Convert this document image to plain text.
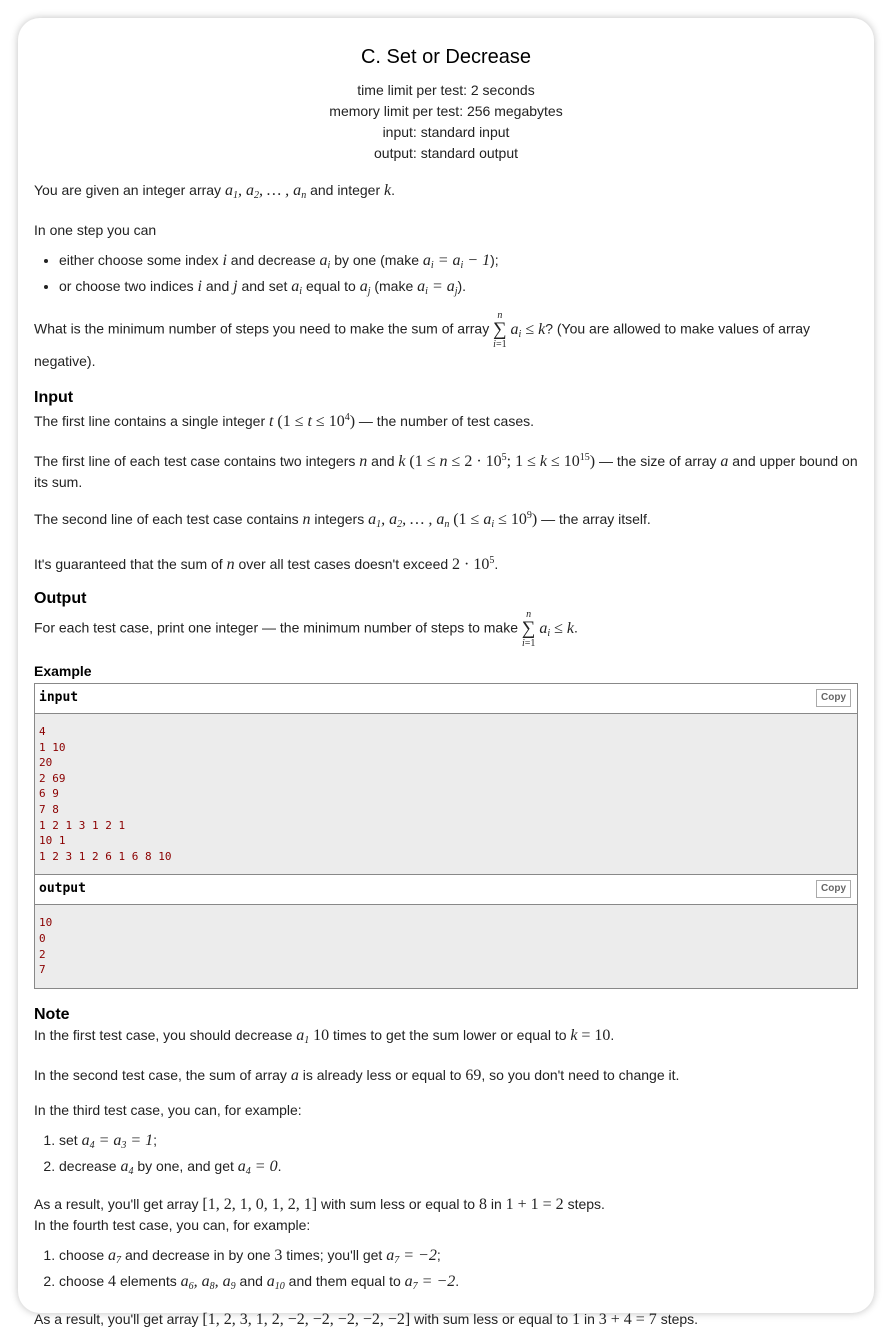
C. Set or Decrease
time limit per test: 2 seconds
memory limit per test: 256 megabytes
input: standard input
output: standard output

You are given an integer array $a_1$, $a_2$, … , $a_n$ and integer k.

In one step you can

• either choose some index i and decrease $a_i$ by one (make $a_i = a_i - 1$);
• or choose two indices i and j and set $a_i$ equal to $a_j$ (make $a_i = a_j$).

What is the minimum number of steps you need to make the sum of array
n
∑
i=1
$a_i \le k$? (You are allowed to make values of array negative).

Input

The first line contains a single integer t $(1 \le t \le 10^4)$ — the number of test cases.

The first line of each test case contains two integers n and k ($1 \le n \le 2 \cdot 10^5$; $1 \le k \le 10^{15}$) — the size of array a and upper bound on its sum.

The second line of each test case contains n integers $a_1$, $a_2$, … , $a_n$ $(1 \le a_i \le 10^9)$ — the array itself.

It's guaranteed that the sum of n over all test cases doesn't exceed $2 \cdot 10^5$.

Output

For each test case, print one integer — the minimum number of steps to make
n
∑
i=1
$a_i \le k$.

Example
input	Copy
4
1 10
20
2 69
6 9
7 8
1 2 1 3 1 2 1
10 1
1 2 3 1 2 6 1 6 8 10
output	Copy
10
0
2
7
Note

In the first test case, you should decrease $a_1$ 10 times to get the sum lower or equal to k = 10.

In the second test case, the sum of array a is already less or equal to 69, so you don't need to change it.

In the third test case, you can, for example:

1. set $a_4 = a_3 = 1$;
2. decrease $a_4$ by one, and get $a_4 = 0$.

As a result, you'll get array [1, 2, 1, 0, 1, 2, 1] with sum less or equal to 8 in 1 + 1 = 2 steps.

In the fourth test case, you can, for example:

1. choose $a_7$ and decrease in by one 3 times; you'll get $a_7 = -2$;
2. choose 4 elements $a_6$, $a_8$, $a_9$ and $a_{10}$ and them equal to $a_7 = -2$.

As a result, you'll get array [1, 2, 3, 1, 2, −2, −2, −2, −2, −2] with sum less or equal to 1 in 3 + 4 = 7 steps.
